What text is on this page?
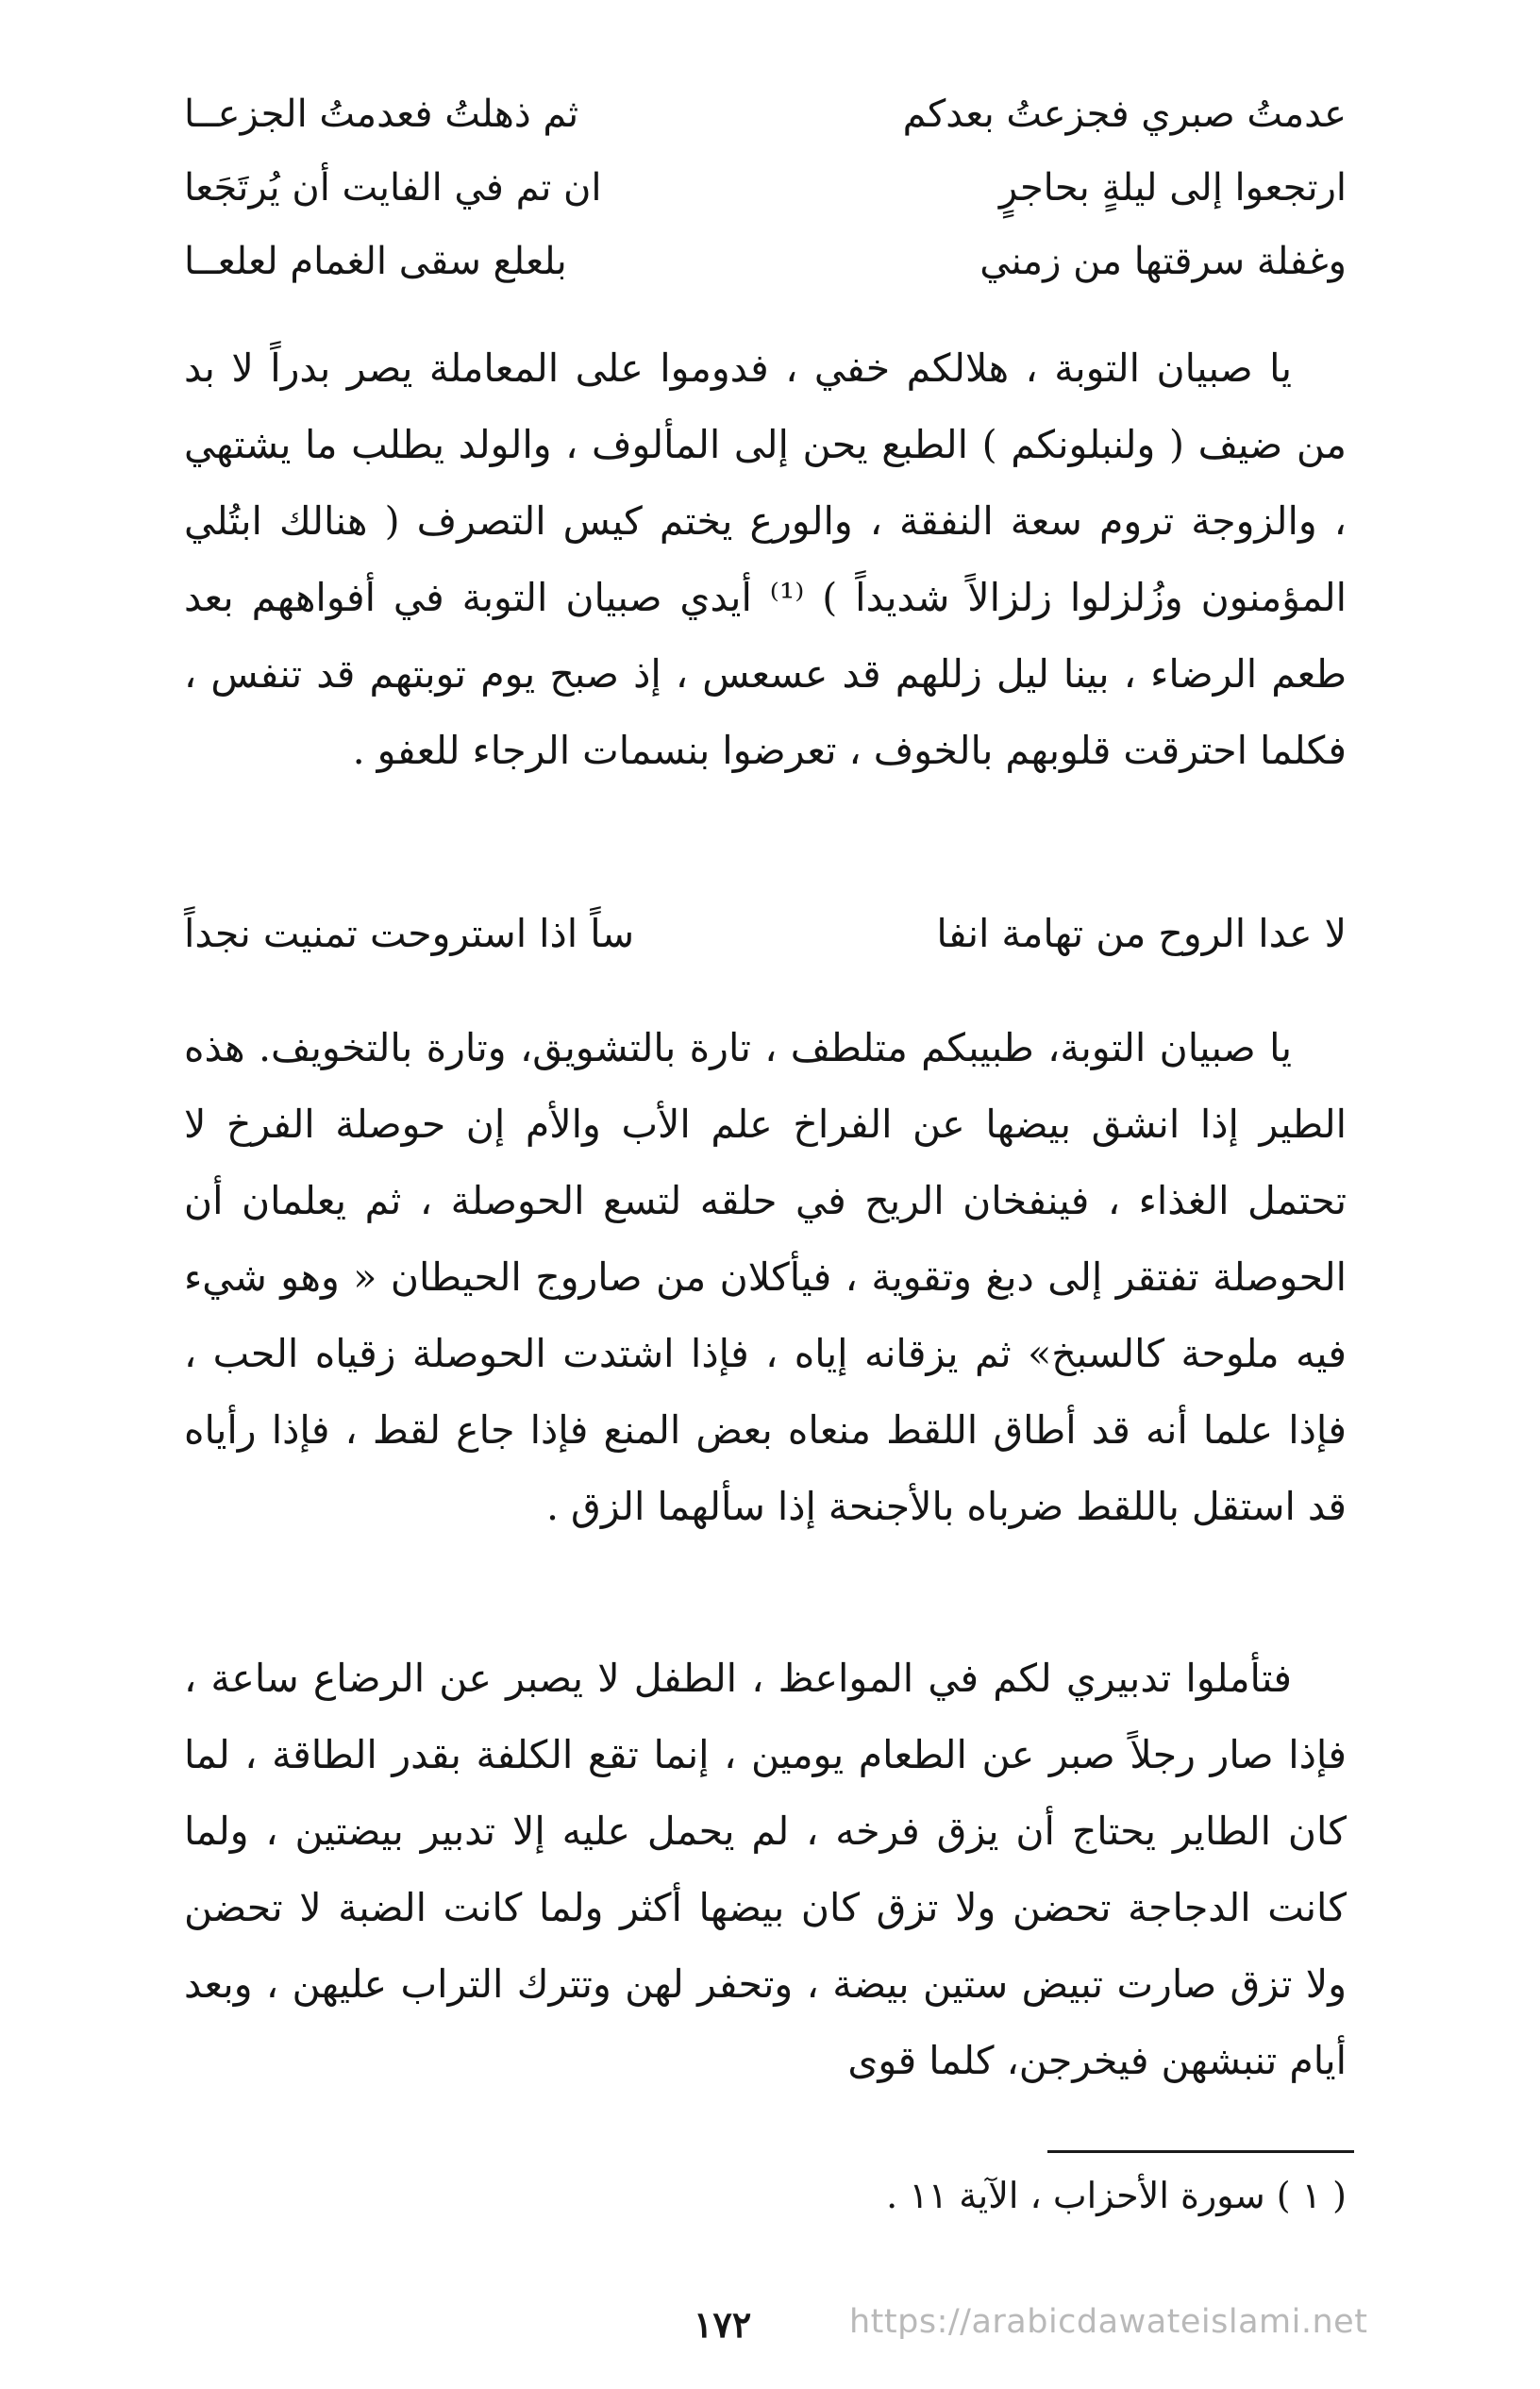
عدمتُ صبري فجزعتُ بعدكم
ثم ذهلتُ فعدمتُ الجزعــا
ارتجعوا إلى ليلةٍ بحاجرٍ
ان تم في الفايت أن يُرتَجَعا
وغفلة سرقتها من زمني
بلعلع سقى الغمام لعلعــا

يا صبيان التوبة ، هلالكم خفي ‌، فدوموا على المعاملة يصر بدراً لا بد من ضيف ( ولنبلونكم ) الطبع يحن إلى المألوف ‌، والولد يطلب ما يشتهي ‌، والزوجة تروم سعة النفقة ‌، والورع يختم كيس التصرف ( هنالك ابتُلي المؤمنون وزُلزلوا زلزالاً شديداً ) ⁽¹⁾ أيدي صبيان التوبة في أفواههم بعد طعم الرضاء ، بينا ليل زللهم قد عسعس ، إذ صبح يوم توبتهم قد تنفس ، فكلما احترقت قلوبهم بالخوف ‌، تعرضوا بنسمات الرجاء للعفو .

لا عدا الروح من تهامة انفا
ساً اذا استروحت تمنيت نجداً

يا صبيان التوبة، طبيبكم متلطف ‌، تارة بالتشويق‌، وتارة بالتخويف. هذه الطير إذا انشق بيضها عن الفراخ علم الأب والأم إن حوصلة الفرخ لا تحتمل الغذاء ، فينفخان الريح في حلقه لتسع الحوصلة ، ثم يعلمان أن الحوصلة تفتقر إلى دبغ وتقوية ، فيأكلان من صاروج الحيطان « وهو شيء فيه ملوحة كالسبخ» ثم يزقانه إياه ، فإذا اشتدت الحوصلة زقياه الحب ، فإذا علما أنه قد أطاق اللقط منعاه بعض المنع فإذا جاع لقط ‌، فإذا رأياه قد استقل باللقط ضرباه بالأجنحة إذا سألهما الزق .

فتأملوا تدبيري لكم في المواعظ ، الطفل لا يصبر عن الرضاع ساعة ، فإذا صار رجلاً صبر عن الطعام يومين ، إنما تقع الكلفة بقدر الطاقة ‌، لما كان الطاير يحتاج أن يزق فرخه ‌، لم يحمل عليه إلا تدبير بيضتين ‌، ولما كانت الدجاجة تحضن ولا تزق كان بيضها أكثر ولما كانت الضبة لا تحضن ولا تزق صارت تبيض ستين بيضة ، وتحفر لهن وتترك التراب عليهن ‌، وبعد أيام تنبشهن فيخرجن، كلما قوى

( ١ ) سورة الأحزاب ، الآية ١١ .
١٧٢	https://arabicdawateislami.net
